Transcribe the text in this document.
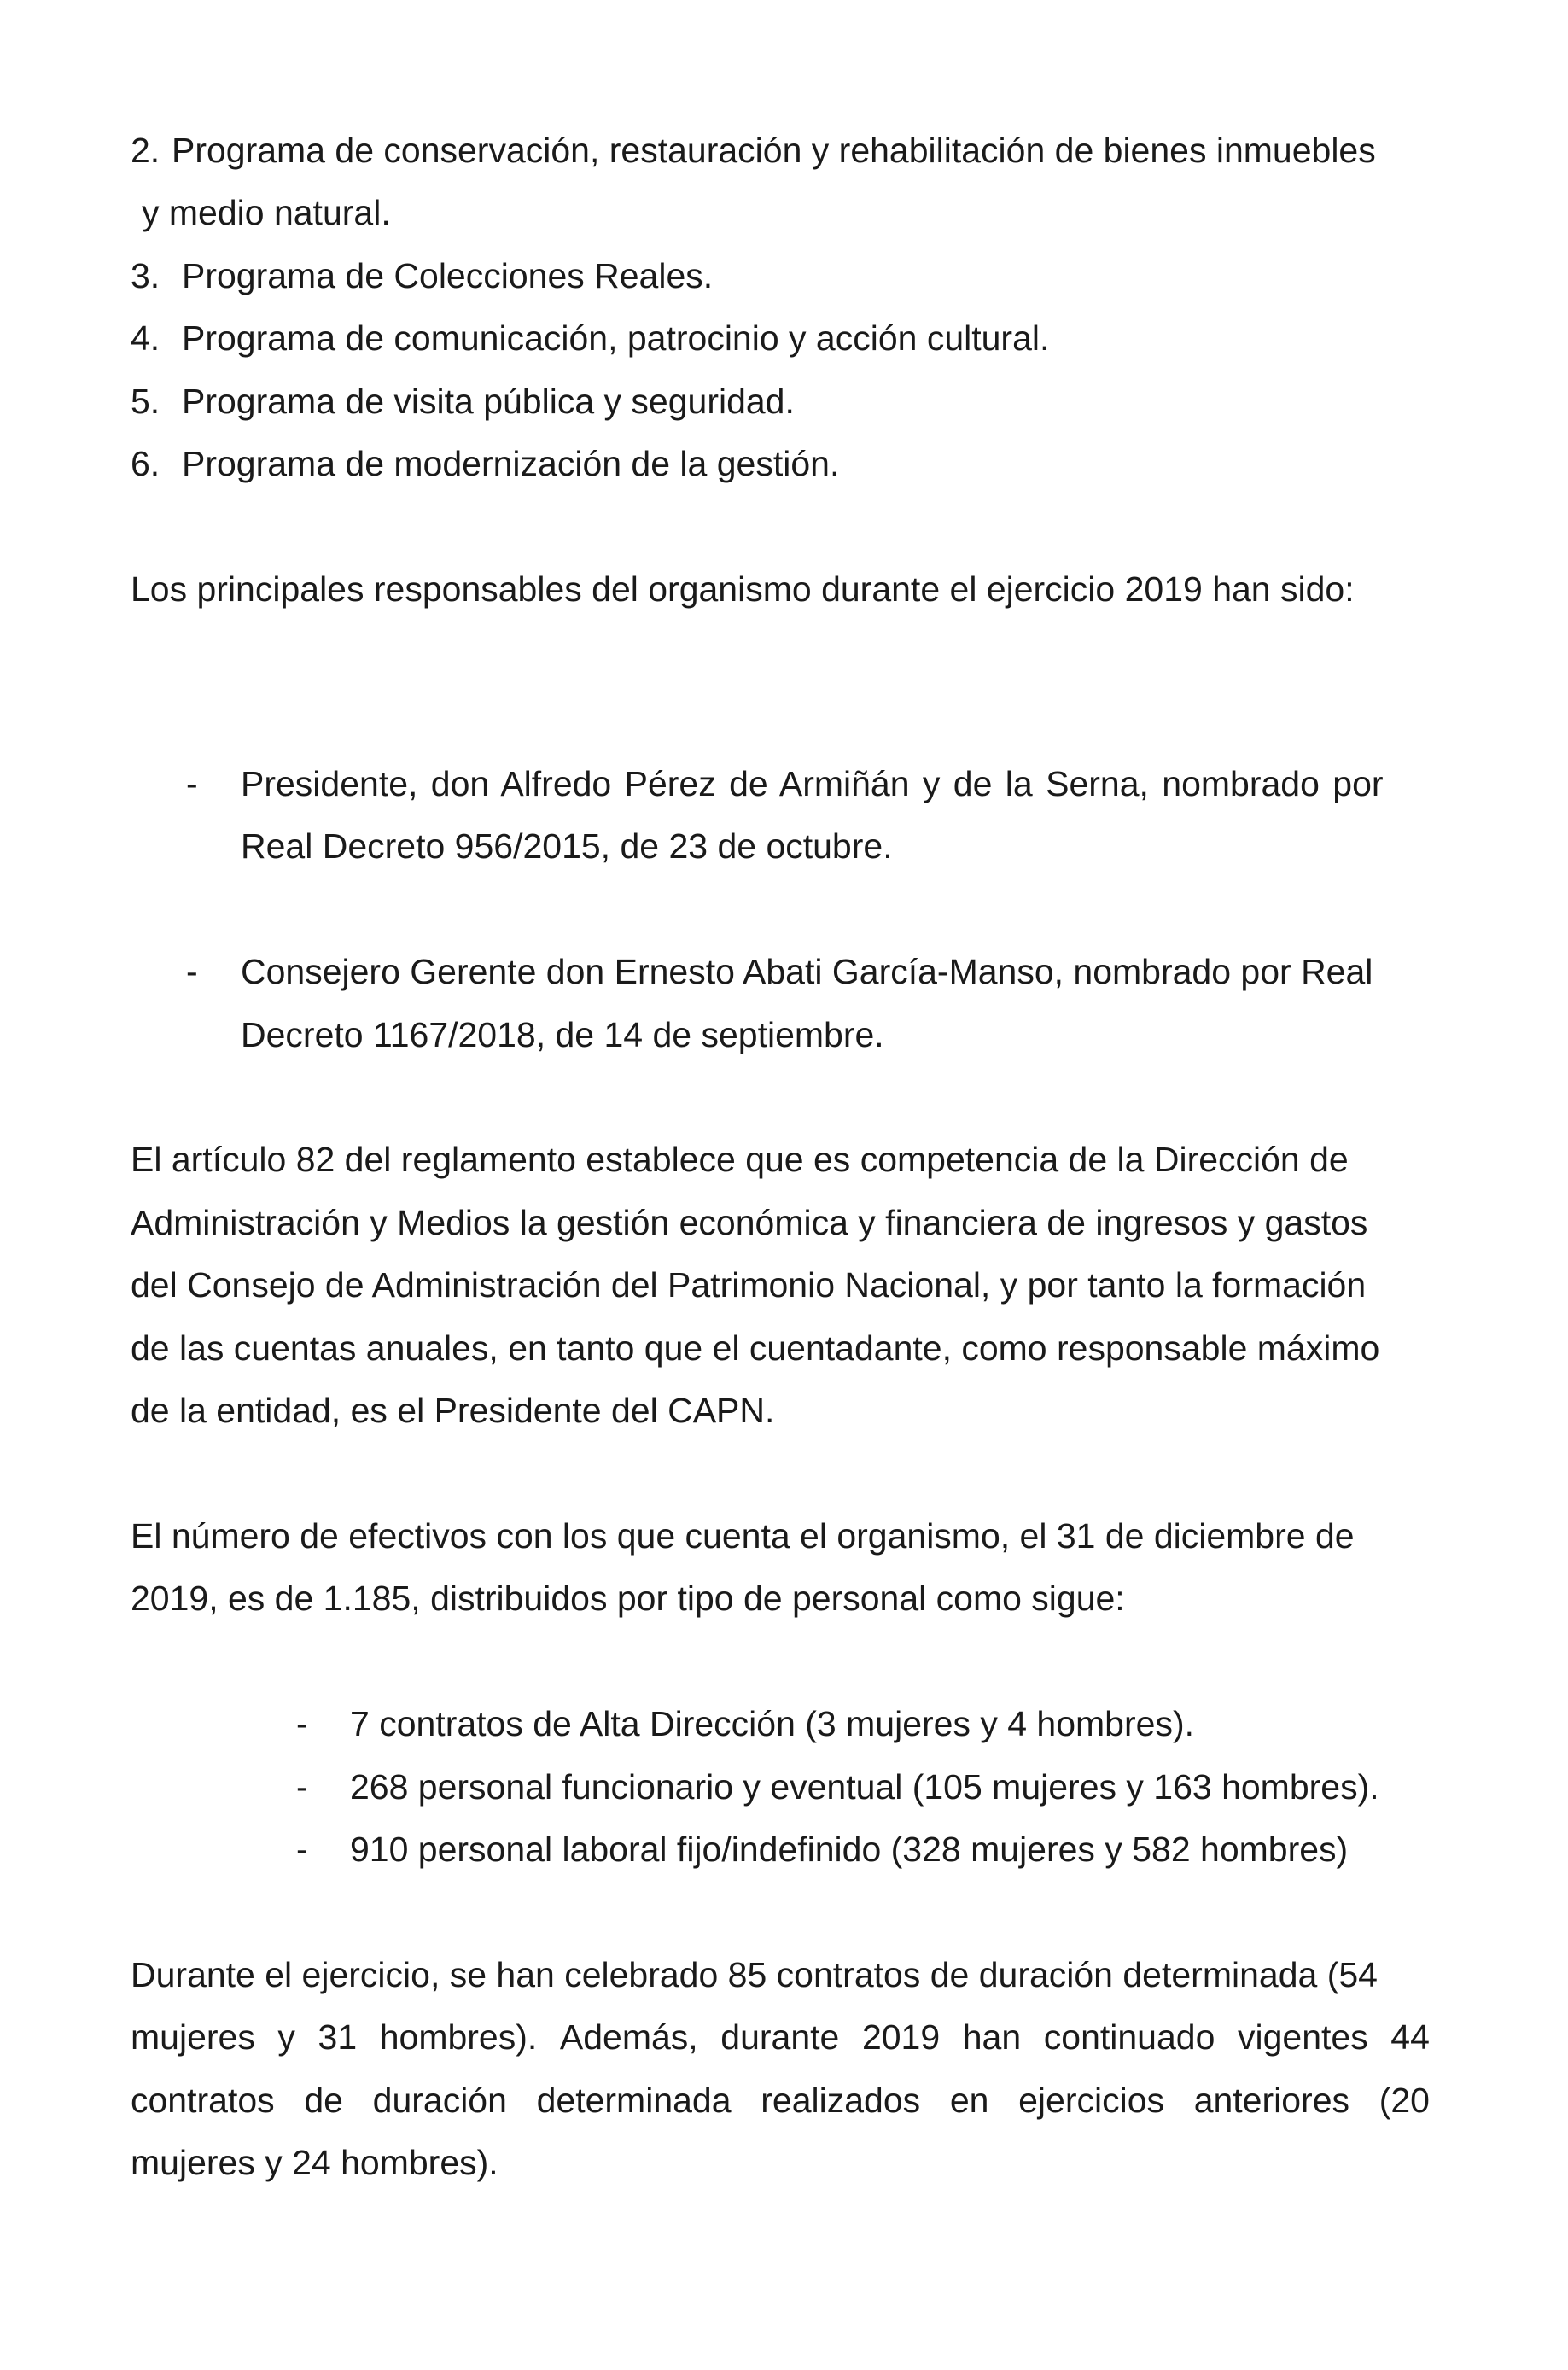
2. Programa de conservación, restauración y rehabilitación de bienes inmuebles
y medio natural.
3. Programa de Colecciones Reales.
4. Programa de comunicación, patrocinio y acción cultural.
5. Programa de visita pública y seguridad.
6. Programa de modernización de la gestión.
Los principales responsables del organismo durante el ejercicio 2019 han sido:
- Presidente, don Alfredo Pérez de Armiñán y de la Serna, nombrado por
Real Decreto 956/2015, de 23 de octubre.
- Consejero Gerente don Ernesto Abati García-Manso, nombrado por Real
Decreto 1167/2018, de 14 de septiembre.
El artículo 82 del reglamento establece que es competencia de la Dirección de
Administración y Medios la gestión económica y financiera de ingresos y gastos
del Consejo de Administración del Patrimonio Nacional, y por tanto la formación
de las cuentas anuales, en tanto que el cuentadante, como responsable máximo
de la entidad, es el Presidente del CAPN.
El número de efectivos con los que cuenta el organismo, el 31 de diciembre de
2019, es de 1.185, distribuidos por tipo de personal como sigue:
- 7 contratos de Alta Dirección (3 mujeres y 4 hombres).
- 268 personal funcionario y eventual (105 mujeres y 163 hombres).
- 910 personal laboral fijo/indefinido (328 mujeres y 582 hombres)
Durante el ejercicio, se han celebrado 85 contratos de duración determinada (54
mujeres y 31 hombres). Además, durante 2019 han continuado vigentes 44
contratos de duración determinada realizados en ejercicios anteriores (20
mujeres y 24 hombres).
